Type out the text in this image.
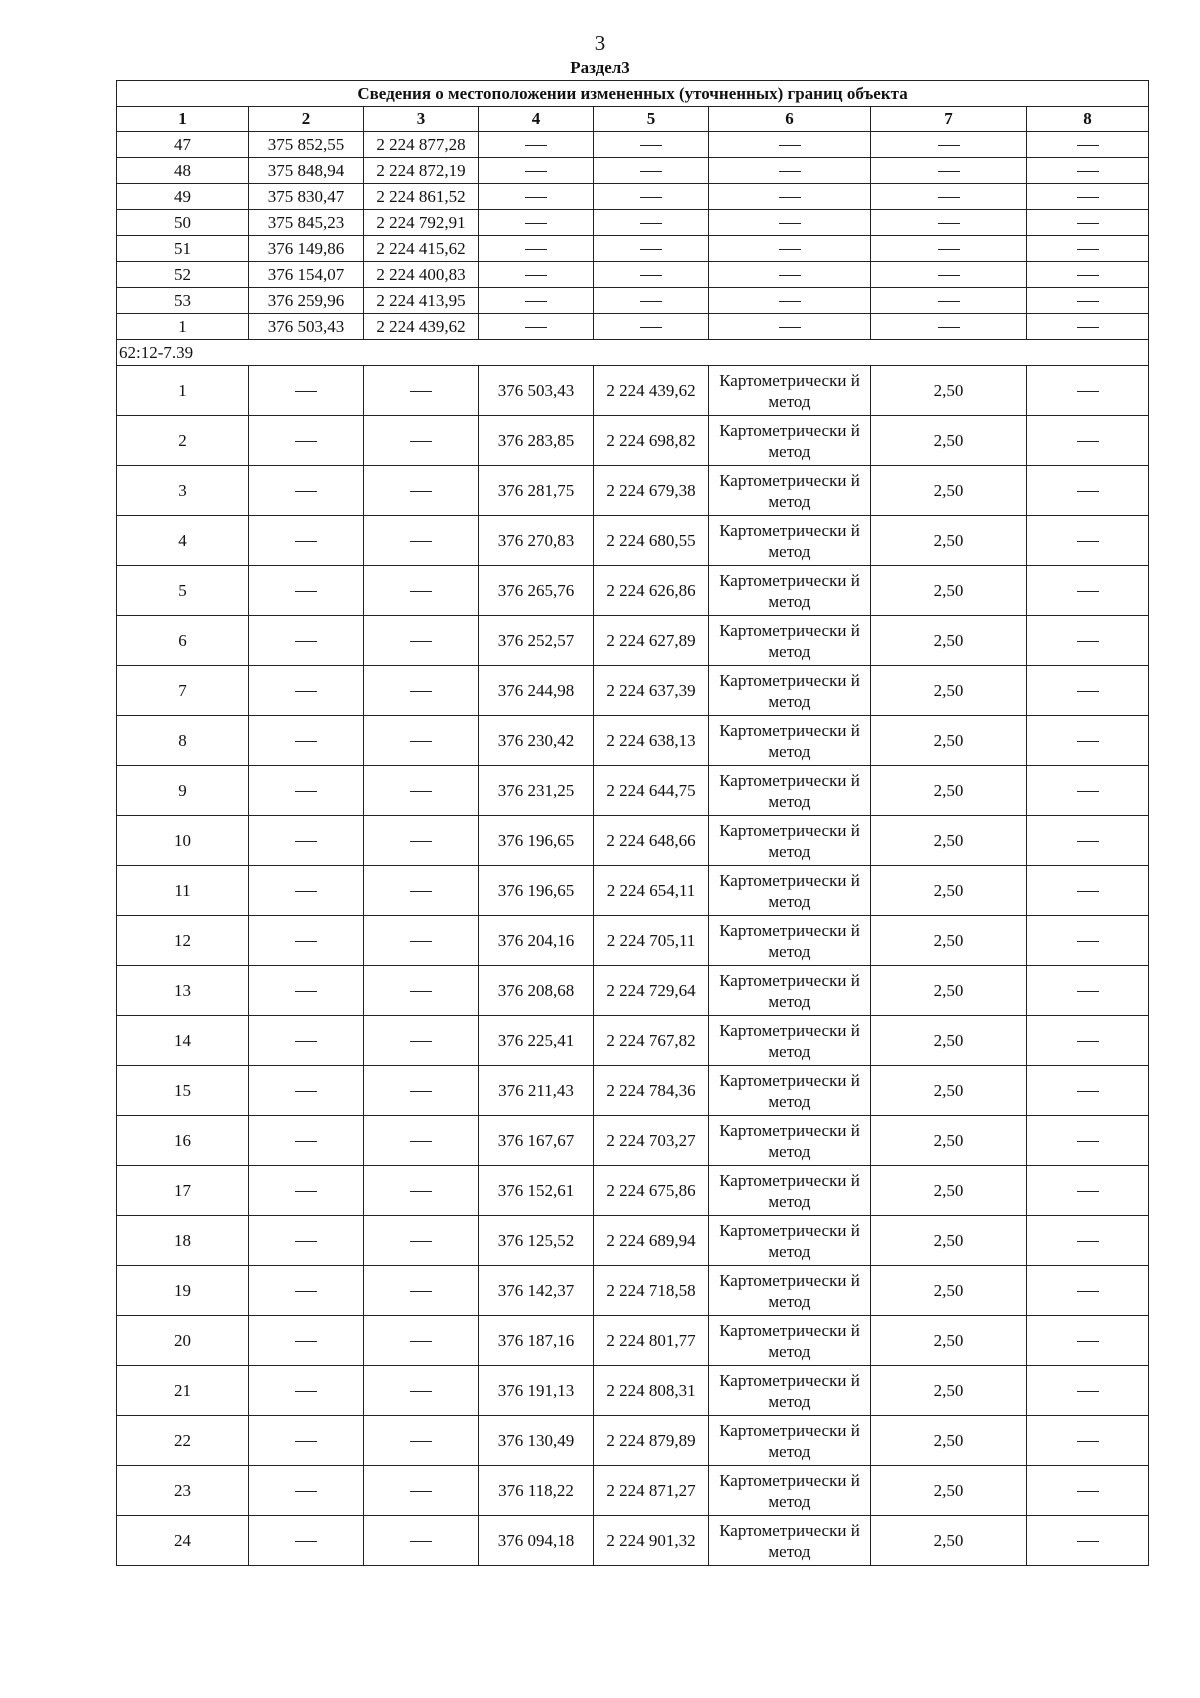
3
Раздел3
Сведения о местоположении измененных (уточненных) границ объекта							
1	2	3	4	5	6	7	8
47	375 852,55	2 224 877,28					
48	375 848,94	2 224 872,19					
49	375 830,47	2 224 861,52					
50	375 845,23	2 224 792,91					
51	376 149,86	2 224 415,62					
52	376 154,07	2 224 400,83					
53	376 259,96	2 224 413,95					
1	376 503,43	2 224 439,62					
62:12-7.39							
1			376 503,43	2 224 439,62	Картометрически й метод	2,50	
2			376 283,85	2 224 698,82	Картометрически й метод	2,50	
3			376 281,75	2 224 679,38	Картометрически й метод	2,50	
4			376 270,83	2 224 680,55	Картометрически й метод	2,50	
5			376 265,76	2 224 626,86	Картометрически й метод	2,50	
6			376 252,57	2 224 627,89	Картометрически й метод	2,50	
7			376 244,98	2 224 637,39	Картометрически й метод	2,50	
8			376 230,42	2 224 638,13	Картометрически й метод	2,50	
9			376 231,25	2 224 644,75	Картометрически й метод	2,50	
10			376 196,65	2 224 648,66	Картометрически й метод	2,50	
11			376 196,65	2 224 654,11	Картометрически й метод	2,50	
12			376 204,16	2 224 705,11	Картометрически й метод	2,50	
13			376 208,68	2 224 729,64	Картометрически й метод	2,50	
14			376 225,41	2 224 767,82	Картометрически й метод	2,50	
15			376 211,43	2 224 784,36	Картометрически й метод	2,50	
16			376 167,67	2 224 703,27	Картометрически й метод	2,50	
17			376 152,61	2 224 675,86	Картометрически й метод	2,50	
18			376 125,52	2 224 689,94	Картометрически й метод	2,50	
19			376 142,37	2 224 718,58	Картометрически й метод	2,50	
20			376 187,16	2 224 801,77	Картометрически й метод	2,50	
21			376 191,13	2 224 808,31	Картометрически й метод	2,50	
22			376 130,49	2 224 879,89	Картометрически й метод	2,50	
23			376 118,22	2 224 871,27	Картометрически й метод	2,50	
24			376 094,18	2 224 901,32	Картометрически й метод	2,50	
